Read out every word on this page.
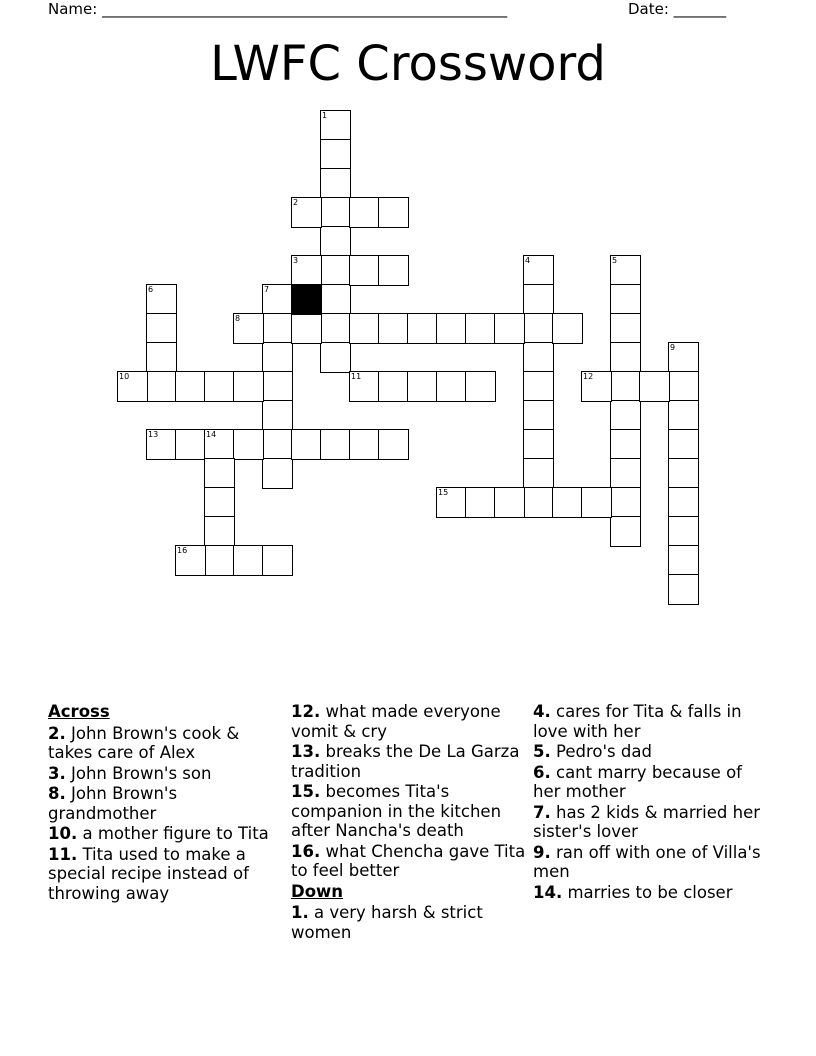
Name: ______________________________________________________	Date: _______
LWFC Crossword
1
2
3	4	5
6	7
8
9
10	11	12
13	14
15
16
Across
2. John Brown's cook & takes care of Alex
3. John Brown's son
8. John Brown's grandmother
10. a mother figure to Tita
11. Tita used to make a special recipe instead of throwing away
12. what made everyone vomit & cry
13. breaks the De La Garza tradition
15. becomes Tita's companion in the kitchen after Nancha's death
16. what Chencha gave Tita to feel better
Down
1. a very harsh & strict women
4. cares for Tita & falls in love with her
5. Pedro's dad
6. cant marry because of her mother
7. has 2 kids & married her sister's lover
9. ran off with one of Villa's men
14. marries to be closer
